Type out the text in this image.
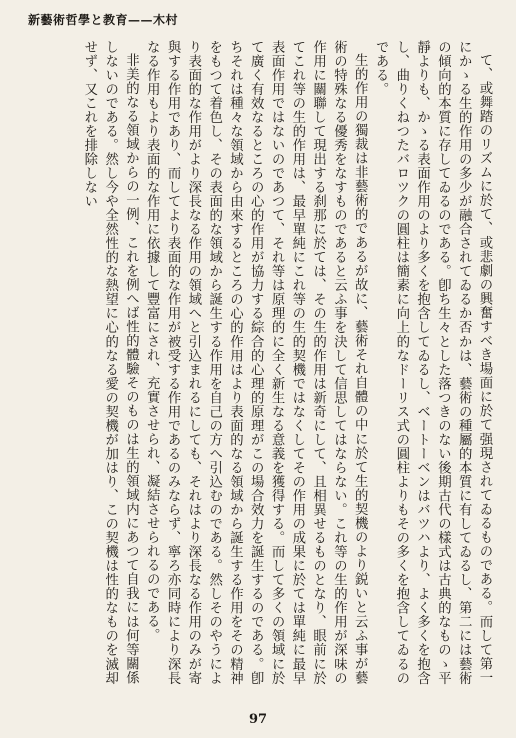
新藝術哲學と教育——木村

て、或舞踏のリズムに於て、或悲劇の興奮すべき場面に於て强現されてゐるものである。而して第一にかゝる生的作用の多少が融合されてゐるか否かは、藝術の種屬的本質に有してゐるし、第二には藝術の傾向的本質に存してゐるのである。卽ち生々とした落つきのない後期古代の樣式は古典的なものゝ平靜よりも、かゝる表面作用のより多くを抱含してゐるし、ベートーベンはバツハより、よく多くを抱含し、曲りくねつたバロツクの圓柱は簡素に向上的なドーリス式の圓柱よりもその多くを抱含してゐるのである。

生的作用の獨裁は非藝術的であるが故に、藝術それ自體の中に於て生的契機のより鋭いと云ふ事が藝術の特殊なる優秀をなすものであると云ふ事を決して信思してはならない。これ等の生的作用が深味の作用に關聯して現出する刹那に於ては、その生的作用は新奇にして、且相異せるものとなり、眼前に於てこれ等の生的作用は、最早單純にこれ等の生的契機ではなくしてその作用の成果に於ては單純に最早表面作用ではないのであつて、それ等は原理的に全く新生なる意義を獲得する。而して多くの領域に於て廣く有效なるところの心的作用が協力する綜合的心理的原理がこの場合效力を誕生するのである。卽ちそれは種々な領域から由來するところの心的作用はより表面的なる領域から誕生する作用をその精神をもつて着色し、その表面的な領域から誕生する作用を自己の方へ引込むのである。然しそのやうにより表面的な作用がより深長なる作用の領域へと引込まれるにしても、それはより深長なる作用のみが寄與する作用であり、而してより表面的な作用が被受する作用であるのみならず、寧ろ亦同時により深長なる作用もより表面的な作用に依據して豐富にされ、充實させられ、凝結させられるのである。

非美的なる領域からの一例、これを例へば性的體驗そのものは生的領域内にあつて自我には何等關係しないのである。然し今や全然性的な熱望に心的なる愛の契機が加はり、この契機は性的なものを滅却せず、又これを排除しない

97
